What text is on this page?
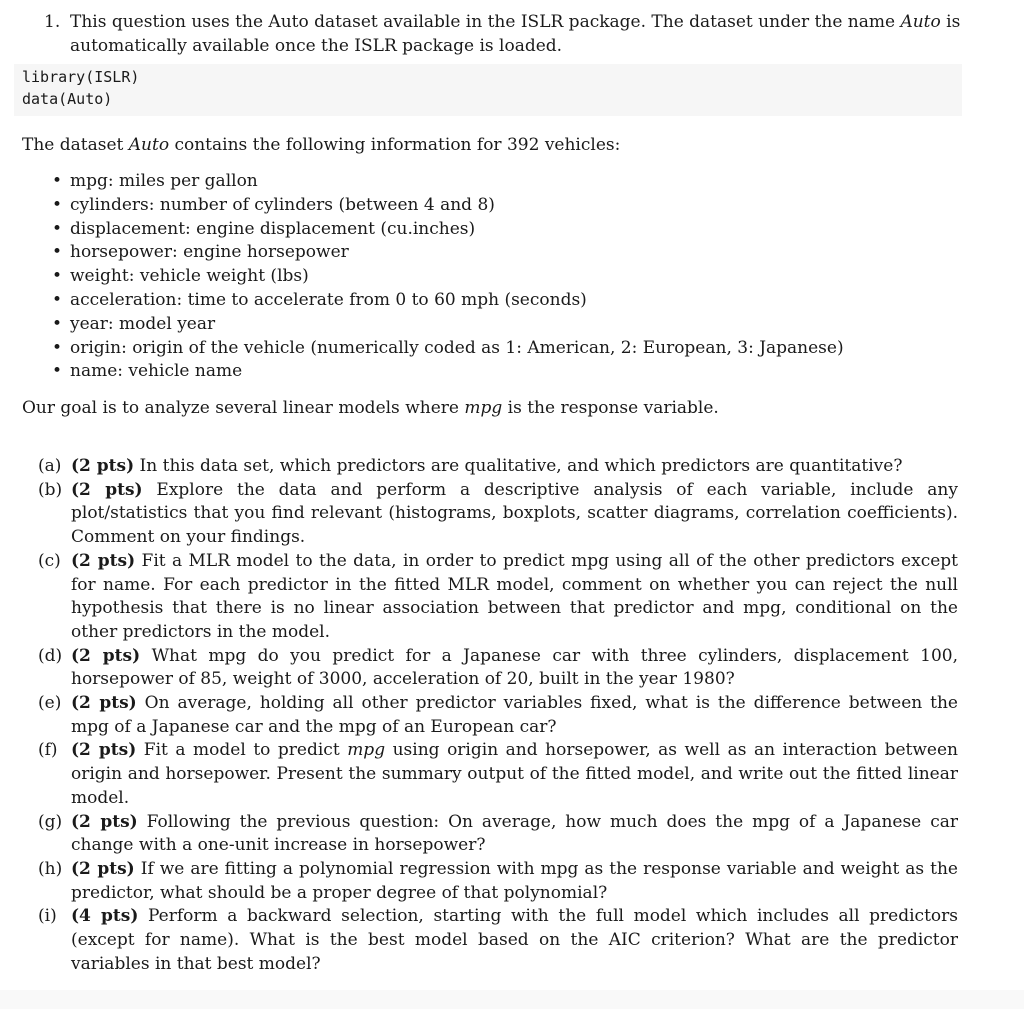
1. This question uses the Auto dataset available in the ISLR package. The dataset under the name Auto is automatically available once the ISLR package is loaded.
library(ISLR)
data(Auto)
The dataset Auto contains the following information for 392 vehicles:
• mpg: miles per gallon
• cylinders: number of cylinders (between 4 and 8)
• displacement: engine displacement (cu.inches)
• horsepower: engine horsepower
• weight: vehicle weight (lbs)
• acceleration: time to accelerate from 0 to 60 mph (seconds)
• year: model year
• origin: origin of the vehicle (numerically coded as 1: American, 2: European, 3: Japanese)
• name: vehicle name
Our goal is to analyze several linear models where mpg is the response variable.
(a) (2 pts) In this data set, which predictors are qualitative, and which predictors are quantitative?
(b) (2 pts) Explore the data and perform a descriptive analysis of each variable, include any plot/statistics that you find relevant (histograms, boxplots, scatter diagrams, correlation coefficients). Comment on your findings.
(c) (2 pts) Fit a MLR model to the data, in order to predict mpg using all of the other predictors except for name. For each predictor in the fitted MLR model, comment on whether you can reject the null hypothesis that there is no linear association between that predictor and mpg, conditional on the other predictors in the model.
(d) (2 pts) What mpg do you predict for a Japanese car with three cylinders, displacement 100, horsepower of 85, weight of 3000, acceleration of 20, built in the year 1980?
(e) (2 pts) On average, holding all other predictor variables fixed, what is the difference between the mpg of a Japanese car and the mpg of an European car?
(f) (2 pts) Fit a model to predict mpg using origin and horsepower, as well as an interaction between origin and horsepower. Present the summary output of the fitted model, and write out the fitted linear model.
(g) (2 pts) Following the previous question: On average, how much does the mpg of a Japanese car change with a one-unit increase in horsepower?
(h) (2 pts) If we are fitting a polynomial regression with mpg as the response variable and weight as the predictor, what should be a proper degree of that polynomial?
(i) (4 pts) Perform a backward selection, starting with the full model which includes all predictors (except for name). What is the best model based on the AIC criterion? What are the predictor variables in that best model?
